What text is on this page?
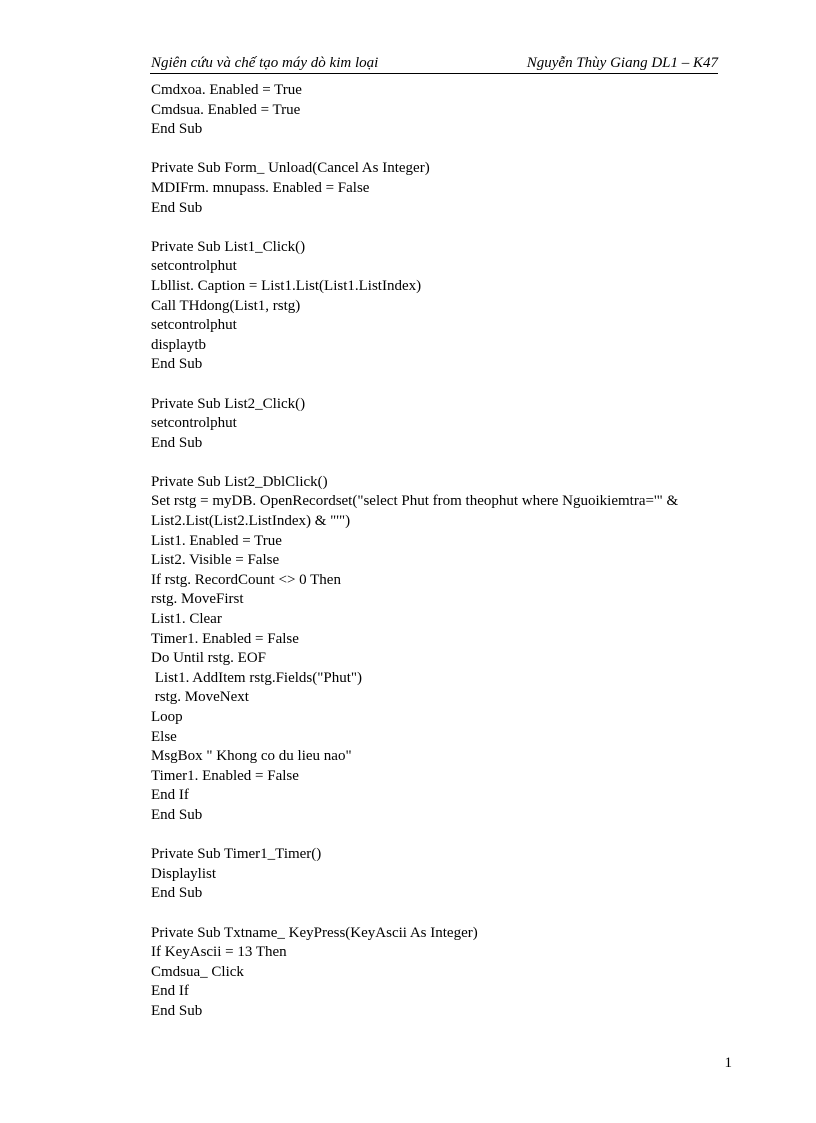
Ngiên cứu và chế tạo máy dò kim loại	Nguyễn Thùy Giang DL1 – K47
Cmdxoa. Enabled = True
Cmdsua. Enabled = True
End Sub
Private Sub Form_ Unload(Cancel As Integer)
MDIFrm. mnupass. Enabled = False
End Sub
Private Sub List1_Click()
setcontrolphut
Lbllist. Caption = List1.List(List1.ListIndex)
Call THdong(List1, rstg)
setcontrolphut
displaytb
End Sub
Private Sub List2_Click()
setcontrolphut
End Sub
Private Sub List2_DblClick()
Set rstg = myDB. OpenRecordset("select Phut from theophut where Nguoikiemtra='" &
List2.List(List2.ListIndex) & "'")
List1. Enabled = True
List2. Visible = False
If rstg. RecordCount <> 0 Then
rstg. MoveFirst
List1. Clear
Timer1. Enabled = False
Do Until rstg. EOF
List1. AddItem rstg.Fields("Phut")
rstg. MoveNext
Loop
Else
MsgBox " Khong co du lieu nao"
Timer1. Enabled = False
End If
End Sub
Private Sub Timer1_Timer()
Displaylist
End Sub
Private Sub Txtname_ KeyPress(KeyAscii As Integer)
If KeyAscii = 13 Then
Cmdsua_ Click
End If
End Sub
1
